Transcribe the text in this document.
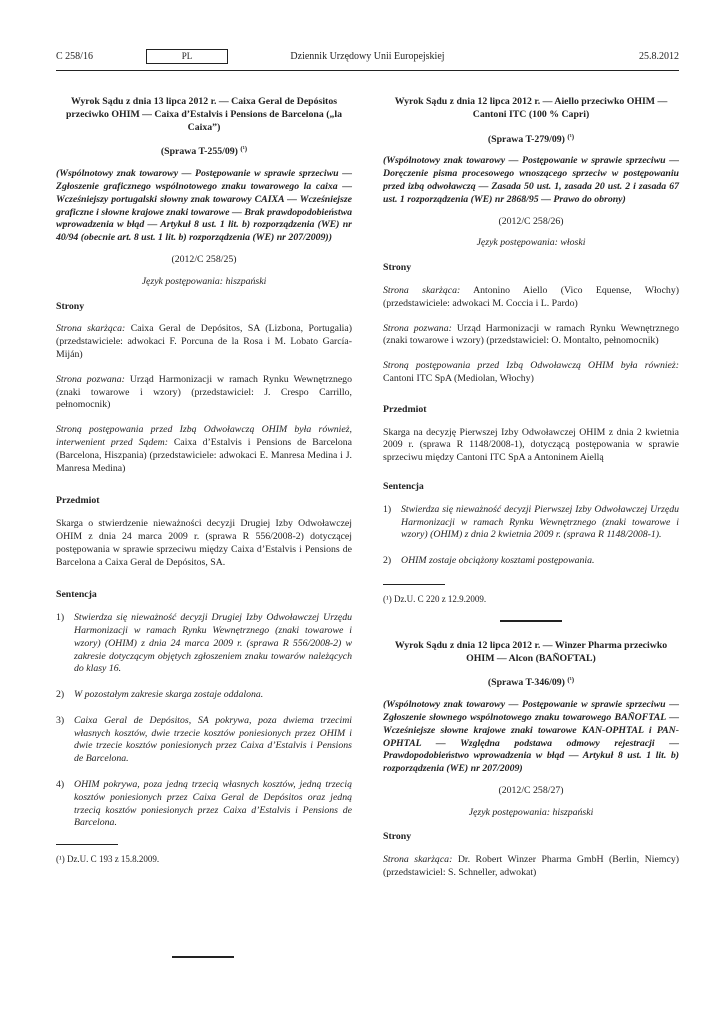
C 258/16	PL	Dziennik Urzędowy Unii Europejskiej	25.8.2012
Wyrok Sądu z dnia 13 lipca 2012 r. — Caixa Geral de Depósitos przeciwko OHIM — Caixa d’Estalvis i Pensions de Barcelona („la Caixa”)
(Sprawa T-255/09) $^{(^1)}$
(Wspólnotowy znak towarowy — Postępowanie w sprawie sprzeciwu — Zgłoszenie graficznego wspólnotowego znaku towarowego la caixa — Wcześniejszy portugalski słowny znak towarowy CAIXA — Wcześniejsze graficzne i słowne krajowe znaki towarowe — Brak prawdopodobieństwa wprowadzenia w błąd — Artykuł 8 ust. 1 lit. b) rozporządzenia (WE) nr 40/94 (obecnie art. 8 ust. 1 lit. b) rozporządzenia (WE) nr 207/2009))
(2012/C 258/25)
Język postępowania: hiszpański
Strony
Strona skarżąca: Caixa Geral de Depósitos, SA (Lizbona, Portugalia) (przedstawiciele: adwokaci F. Porcuna de la Rosa i M. Lobato García-Miján)
Strona pozwana: Urząd Harmonizacji w ramach Rynku Wewnętrznego (znaki towarowe i wzory) (przedstawiciel: J. Crespo Carrillo, pełnomocnik)
Stroną postępowania przed Izbą Odwoławczą OHIM była również, interwenient przed Sądem: Caixa d’Estalvis i Pensions de Barcelona (Barcelona, Hiszpania) (przedstawiciele: adwokaci E. Manresa Medina i J. Manresa Medina)
Przedmiot
Skarga o stwierdzenie nieważności decyzji Drugiej Izby Odwoławczej OHIM z dnia 24 marca 2009 r. (sprawa R 556/2008-2) dotyczącej postępowania w sprawie sprzeciwu między Caixa d’Estalvis i Pensions de Barcelona a Caixa Geral de Depósitos, SA.
Sentencja
1) Stwierdza się nieważność decyzji Drugiej Izby Odwoławczej Urzędu Harmonizacji w ramach Rynku Wewnętrznego (znaki towarowe i wzory) (OHIM) z dnia 24 marca 2009 r. (sprawa R 556/2008-2) w zakresie dotyczącym objętych zgłoszeniem znaku towarów należących do klasy 16.
2) W pozostałym zakresie skarga zostaje oddalona.
3) Caixa Geral de Depósitos, SA pokrywa, poza dwiema trzecimi własnych kosztów, dwie trzecie kosztów poniesionych przez OHIM i dwie trzecie kosztów poniesionych przez Caixa d’Estalvis i Pensions de Barcelona.
4) OHIM pokrywa, poza jedną trzecią własnych kosztów, jedną trzecią kosztów poniesionych przez Caixa Geral de Depósitos oraz jedną trzecią kosztów poniesionych przez Caixa d’Estalvis i Pensions de Barcelona.
(¹) Dz.U. C 193 z 15.8.2009.
Wyrok Sądu z dnia 12 lipca 2012 r. — Aiello przeciwko OHIM — Cantoni ITC (100 % Capri)
(Sprawa T-279/09) $^{(^1)}$
(Wspólnotowy znak towarowy — Postępowanie w sprawie sprzeciwu — Doręczenie pisma procesowego wnoszącego sprzeciw w postępowaniu przed izbą odwoławczą — Zasada 50 ust. 1, zasada 20 ust. 2 i zasada 67 ust. 1 rozporządzenia (WE) nr 2868/95 — Prawo do obrony)
(2012/C 258/26)
Język postępowania: włoski
Strony
Strona skarżąca: Antonino Aiello (Vico Equense, Włochy) (przedstawiciele: adwokaci M. Coccia i L. Pardo)
Strona pozwana: Urząd Harmonizacji w ramach Rynku Wewnętrznego (znaki towarowe i wzory) (przedstawiciel: O. Montalto, pełnomocnik)
Stroną postępowania przed Izbą Odwoławczą OHIM była również: Cantoni ITC SpA (Mediolan, Włochy)
Przedmiot
Skarga na decyzję Pierwszej Izby Odwoławczej OHIM z dnia 2 kwietnia 2009 r. (sprawa R 1148/2008-1), dotyczącą postępowania w sprawie sprzeciwu między Cantoni ITC SpA a Antoninem Aiellą
Sentencja
1) Stwierdza się nieważność decyzji Pierwszej Izby Odwoławczej Urzędu Harmonizacji w ramach Rynku Wewnętrznego (znaki towarowe i wzory) (OHIM) z dnia 2 kwietnia 2009 r. (sprawa R 1148/2008-1).
2) OHIM zostaje obciążony kosztami postępowania.
(¹) Dz.U. C 220 z 12.9.2009.
Wyrok Sądu z dnia 12 lipca 2012 r. — Winzer Pharma przeciwko OHIM — Alcon (BAÑOFTAL)
(Sprawa T-346/09) $^{(^1)}$
(Wspólnotowy znak towarowy — Postępowanie w sprawie sprzeciwu — Zgłoszenie słownego wspólnotowego znaku towarowego BAÑOFTAL — Wcześniejsze słowne krajowe znaki towarowe KAN-OPHTAL i PAN-OPHTAL — Względna podstawa odmowy rejestracji — Prawdopodobieństwo wprowadzenia w błąd — Artykuł 8 ust. 1 lit. b) rozporządzenia (WE) nr 207/2009)
(2012/C 258/27)
Język postępowania: hiszpański
Strony
Strona skarżąca: Dr. Robert Winzer Pharma GmbH (Berlin, Niemcy) (przedstawiciel: S. Schneller, adwokat)
